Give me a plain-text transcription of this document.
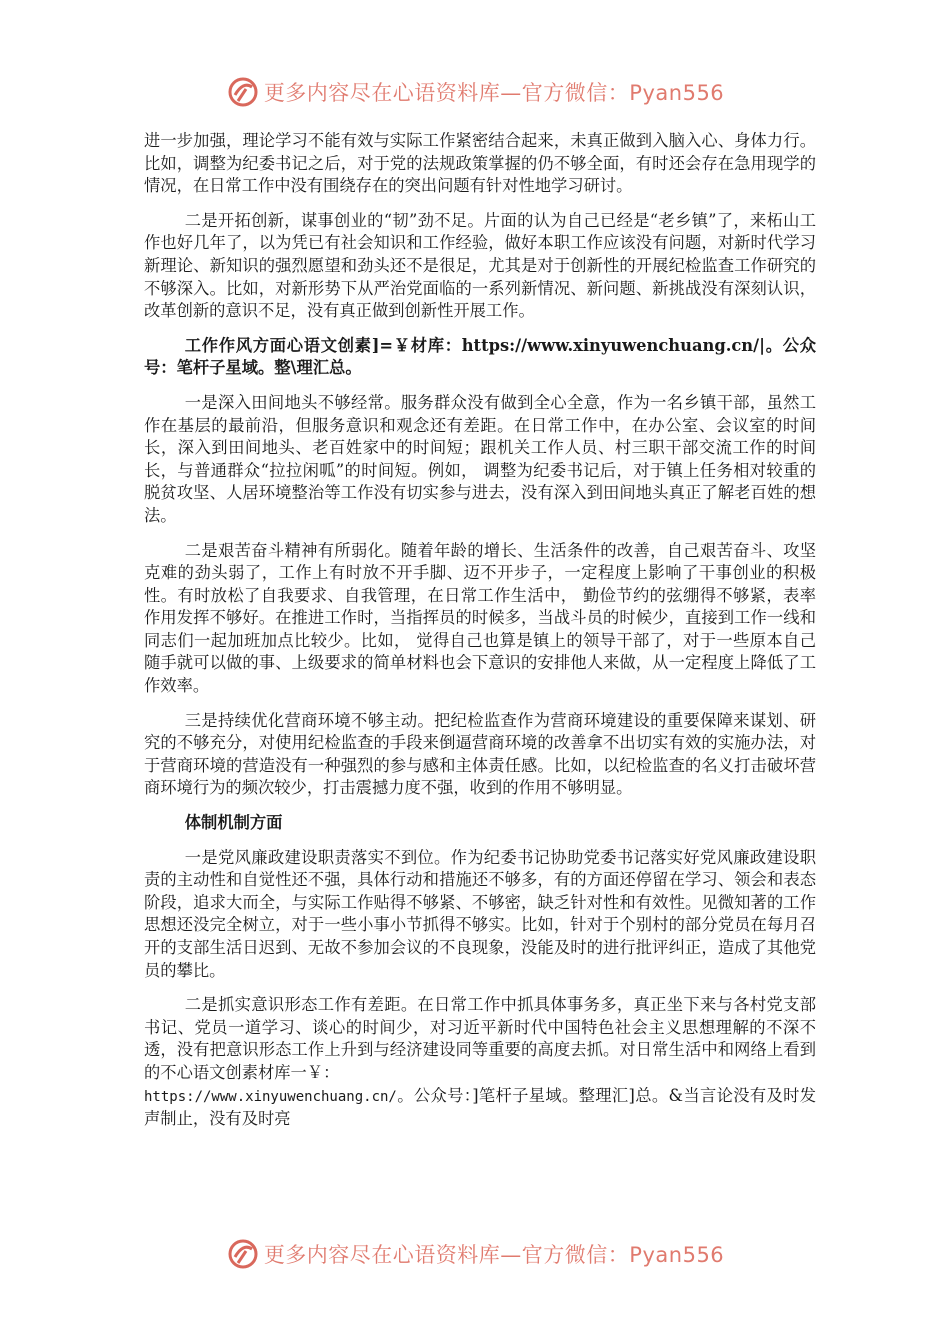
更多内容尽在心语资料库—官方微信：Pyan556

进一步加强，理论学习不能有效与实际工作紧密结合起来，未真正做到入脑入心、身体力行。比如，调整为纪委书记之后，对于党的法规政策掌握的仍不够全面，有时还会存在急用现学的情况，在日常工作中没有围绕存在的突出问题有针对性地学习研讨。

二是开拓创新，谋事创业的“韧”劲不足。片面的认为自己已经是“老乡镇”了，来柘山工作也好几年了，以为凭已有社会知识和工作经验，做好本职工作应该没有问题，对新时代学习新理论、新知识的强烈愿望和劲头还不是很足，尤其是对于创新性的开展纪检监查工作研究的不够深入。比如，对新形势下从严治党面临的一系列新情况、新问题、新挑战没有深刻认识，改革创新的意识不足，没有真正做到创新性开展工作。

工作作风方面心语文创素]=￥材库：https://www.xinyuwenchuang.cn/|。公众号：笔杆子星域。整\理汇总。

一是深入田间地头不够经常。服务群众没有做到全心全意，作为一名乡镇干部，虽然工作在基层的最前沿，但服务意识和观念还有差距。在日常工作中，在办公室、会议室的时间长，深入到田间地头、老百姓家中的时间短；跟机关工作人员、村三职干部交流工作的时间长，与普通群众“拉拉闲呱”的时间短。例如， 调整为纪委书记后，对于镇上任务相对较重的脱贫攻坚、人居环境整治等工作没有切实参与进去，没有深入到田间地头真正了解老百姓的想法。

二是艰苦奋斗精神有所弱化。随着年龄的增长、生活条件的改善，自己艰苦奋斗、攻坚克难的劲头弱了，工作上有时放不开手脚、迈不开步子，一定程度上影响了干事创业的积极性。有时放松了自我要求、自我管理，在日常工作生活中， 勤俭节约的弦绷得不够紧，表率作用发挥不够好。在推进工作时，当指挥员的时候多，当战斗员的时候少，直接到工作一线和同志们一起加班加点比较少。比如， 觉得自己也算是镇上的领导干部了，对于一些原本自己随手就可以做的事、上级要求的简单材料也会下意识的安排他人来做，从一定程度上降低了工作效率。

三是持续优化营商环境不够主动。把纪检监查作为营商环境建设的重要保障来谋划、研究的不够充分，对使用纪检监查的手段来倒逼营商环境的改善拿不出切实有效的实施办法，对于营商环境的营造没有一种强烈的参与感和主体责任感。比如，以纪检监查的名义打击破坏营商环境行为的频次较少，打击震撼力度不强，收到的作用不够明显。

体制机制方面

一是党风廉政建设职责落实不到位。作为纪委书记协助党委书记落实好党风廉政建设职责的主动性和自觉性还不强，具体行动和措施还不够多，有的方面还停留在学习、领会和表态阶段，追求大而全，与实际工作贴得不够紧、不够密，缺乏针对性和有效性。见微知著的工作思想还没完全树立，对于一些小事小节抓得不够实。比如，针对于个别村的部分党员在每月召开的支部生活日迟到、无故不参加会议的不良现象，没能及时的进行批评纠正，造成了其他党员的攀比。

二是抓实意识形态工作有差距。在日常工作中抓具体事务多，真正坐下来与各村党支部书记、党员一道学习、谈心的时间少，对习近平新时代中国特色社会主义思想理解的不深不透，没有把意识形态工作上升到与经济建设同等重要的高度去抓。对日常生活中和网络上看到的不心语文创素材库一￥：
https://www.xinyuwenchuang.cn/。公众号：]笔杆子星域。整理汇]总。&当言论没有及时发声制止，没有及时亮

更多内容尽在心语资料库—官方微信：Pyan556
